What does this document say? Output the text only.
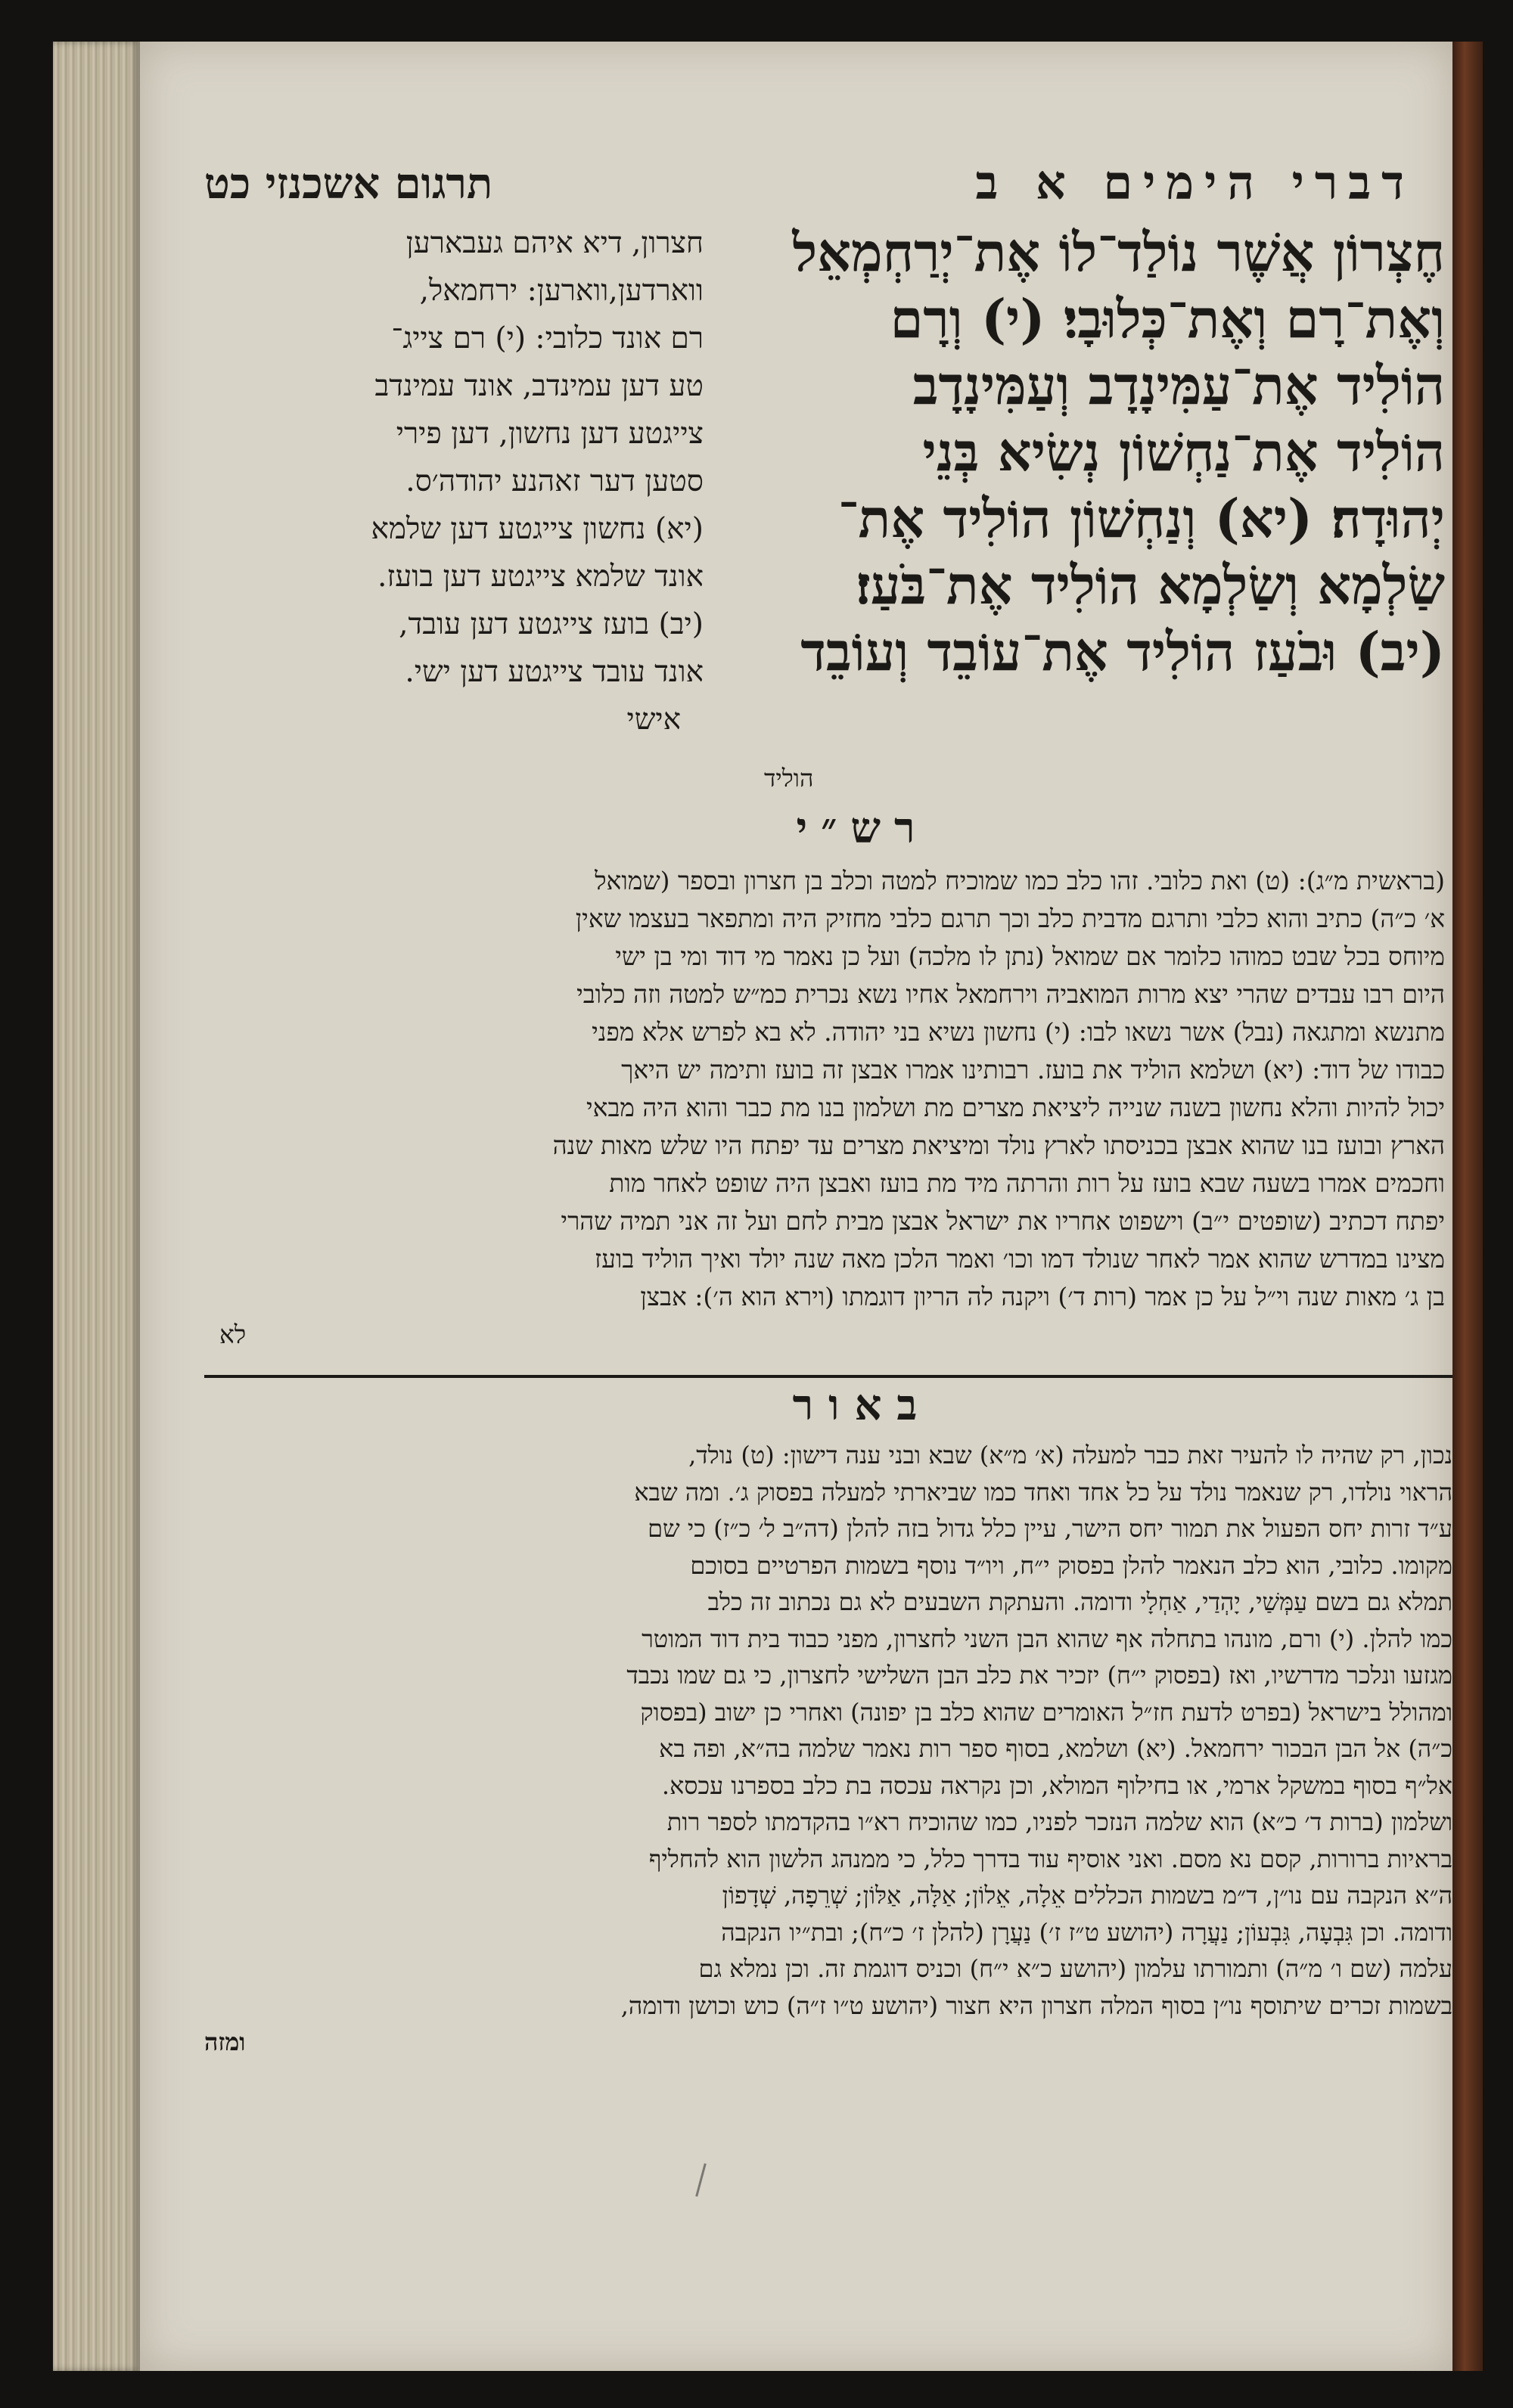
דברי הימים א ב
תרגום אשכנזי כט
חֶצְרוֹן אֲשֶׁר נוֹלַד־לוֹ אֶת־יְרַחְמְאֵל
וְאֶת־רָם וְאֶת־כְּלוּבָי׃ (י) וְרָם
הוֹלִיד אֶת־עַמִּינָדָב וְעַמִּינָדָב
הוֹלִיד אֶת־נַחְשׁוֹן נְשִׂיא בְּנֵי
יְהוּדָה׃ (יא) וְנַחְשׁוֹן הוֹלִיד אֶת־
שַׂלְמָא וְשַׂלְמָא הוֹלִיד אֶת־בֹּעַז׃
(יב) וּבֹעַז הוֹלִיד אֶת־עוֹבֵד וְעוֹבֵד
הוליד
חצרון, דיא איהם געבארען
ווארדען,ווארען: ירחמאל,
רם אונד כלובי: (י) רם צייג־
טע דען עמינדב, אונד עמינדב
צייגטע דען נחשון, דען פירי
סטען דער זאהנע יהודה׳ס.
(יא) נחשון צייגטע דען שלמא
אונד שלמא צייגטע דען בועז.
(יב) בועז צייגטע דען עובד,
אונד עובד צייגטע דען ישי.
אישי
רש״י
(בראשית מ״ג): (ט) ואת כלובי. זהו כלב כמו שמוכיח למטה וכלב בן חצרון ובספר (שמואל
א׳ כ״ה) כתיב והוא כלבי ותרגם מדבית כלב וכך תרגם כלבי מחזיק היה ומתפאר בעצמו שאין
מיוחס בכל שבט כמוהו כלומר אם שמואל (נתן לו מלכה) ועל כן נאמר מי דוד ומי בן ישי
היום רבו עבדים שהרי יצא מרות המואביה וירחמאל אחיו נשא נכרית כמ״ש למטה וזה כלובי
מתנשא ומתגאה (נבל) אשר נשאו לבו: (י) נחשון נשיא בני יהודה. לא בא לפרש אלא מפני
כבודו של דוד: (יא) ושלמא הוליד את בועז. רבותינו אמרו אבצן זה בועז ותימה יש היאך
יכול להיות והלא נחשון בשנה שנייה ליציאת מצרים מת ושלמון בנו מת כבר והוא היה מבאי
הארץ ובועז בנו שהוא אבצן בכניסתו לארץ נולד ומיציאת מצרים עד יפתח היו שלש מאות שנה
וחכמים אמרו בשעה שבא בועז על רות והרתה מיד מת בועז ואבצן היה שופט לאחר מות
יפתח דכתיב (שופטים י״ב) וישפוט אחריו את ישראל אבצן מבית לחם ועל זה אני תמיה שהרי
מצינו במדרש שהוא אמר לאחר שנולד דמו וכו׳ ואמר הלכן מאה שנה יולד ואיך הוליד בועז
בן ג׳ מאות שנה וי״ל על כן אמר (רות ד׳) ויקנה לה הריון דוגמתו (וירא הוא ה׳): אבצן
לא
באור
נכון, רק שהיה לו להעיר זאת כבר למעלה (א׳ מ״א) שבא ובני ענה דישון: (ט) נולד,
הראוי נולדו, רק שנאמר נולד על כל אחד ואחד כמו שביארתי למעלה בפסוק ג׳. ומה שבא
ע״ד זרות יחס הפעול את תמור יחס הישר, עיין כלל גדול בזה להלן (דה״ב ל׳ כ״ז) כי שם
מקומו. כלובי, הוא כלב הנאמר להלן בפסוק י״ח, ויו״ד נוסף בשמות הפרטיים בסוכם
תמלא גם בשם עַמְּשַׁי, יָהְדַי, אַחְלָי ודומה. והעתקת השבעים לא גם נכתוב זה כלב
כמו להלן. (י) ורם, מונהו בתחלה אף שהוא הבן השני לחצרון, מפני כבוד בית דוד המוטר
מגזעו ונלכר מדרשיו, ואז (בפסוק י״ח) יזכיר את כלב הבן השלישי לחצרון, כי גם שמו נכבד
ומהולל בישראל (בפרט לדעת חז״ל האומרים שהוא כלב בן יפונה) ואחרי כן ישוב (בפסוק
כ״ה) אל הבן הבכור ירחמאל. (יא) ושלמא, בסוף ספר רות נאמר שלמה בה״א, ופה בא
אל״ף בסוף במשקל ארמי, או בחילוף המולא, וכן נקראה עכסה בת כלב בספרנו עכסא.
ושלמון (ברות ד׳ כ״א) הוא שלמה הנזכר לפניו, כמו שהוכיח רא״ו בהקדמתו לספר רות
בראיות ברורות, קסם נא מסם. ואני אוסיף עוד בדרך כלל, כי ממנהג הלשון הוא להחליף
ה״א הנקבה עם נו״ן, ד״מ בשמות הכללים אֵלָה, אֵלוֹן; אַלָּה, אַלּוֹן; שְׁרֵפָה, שְׁדָפוֹן
ודומה. וכן גִּבְעָה, גִּבְעוֹן; נַעֲרָה (יהושע ט״ז ז׳) נַעֲרָן (להלן ז׳ כ״ח); ובת״יו הנקבה
עלמה (שם ו׳ מ״ה) ותמורתו עלמון (יהושע כ״א י״ח) וכניס דוגמת זה. וכן נמלא גם
בשמות זכרים שיתוסף נו״ן בסוף המלה חצרון היא חצור (יהושע ט״ו ז״ה) כוש וכושן ודומה,
ומזה
